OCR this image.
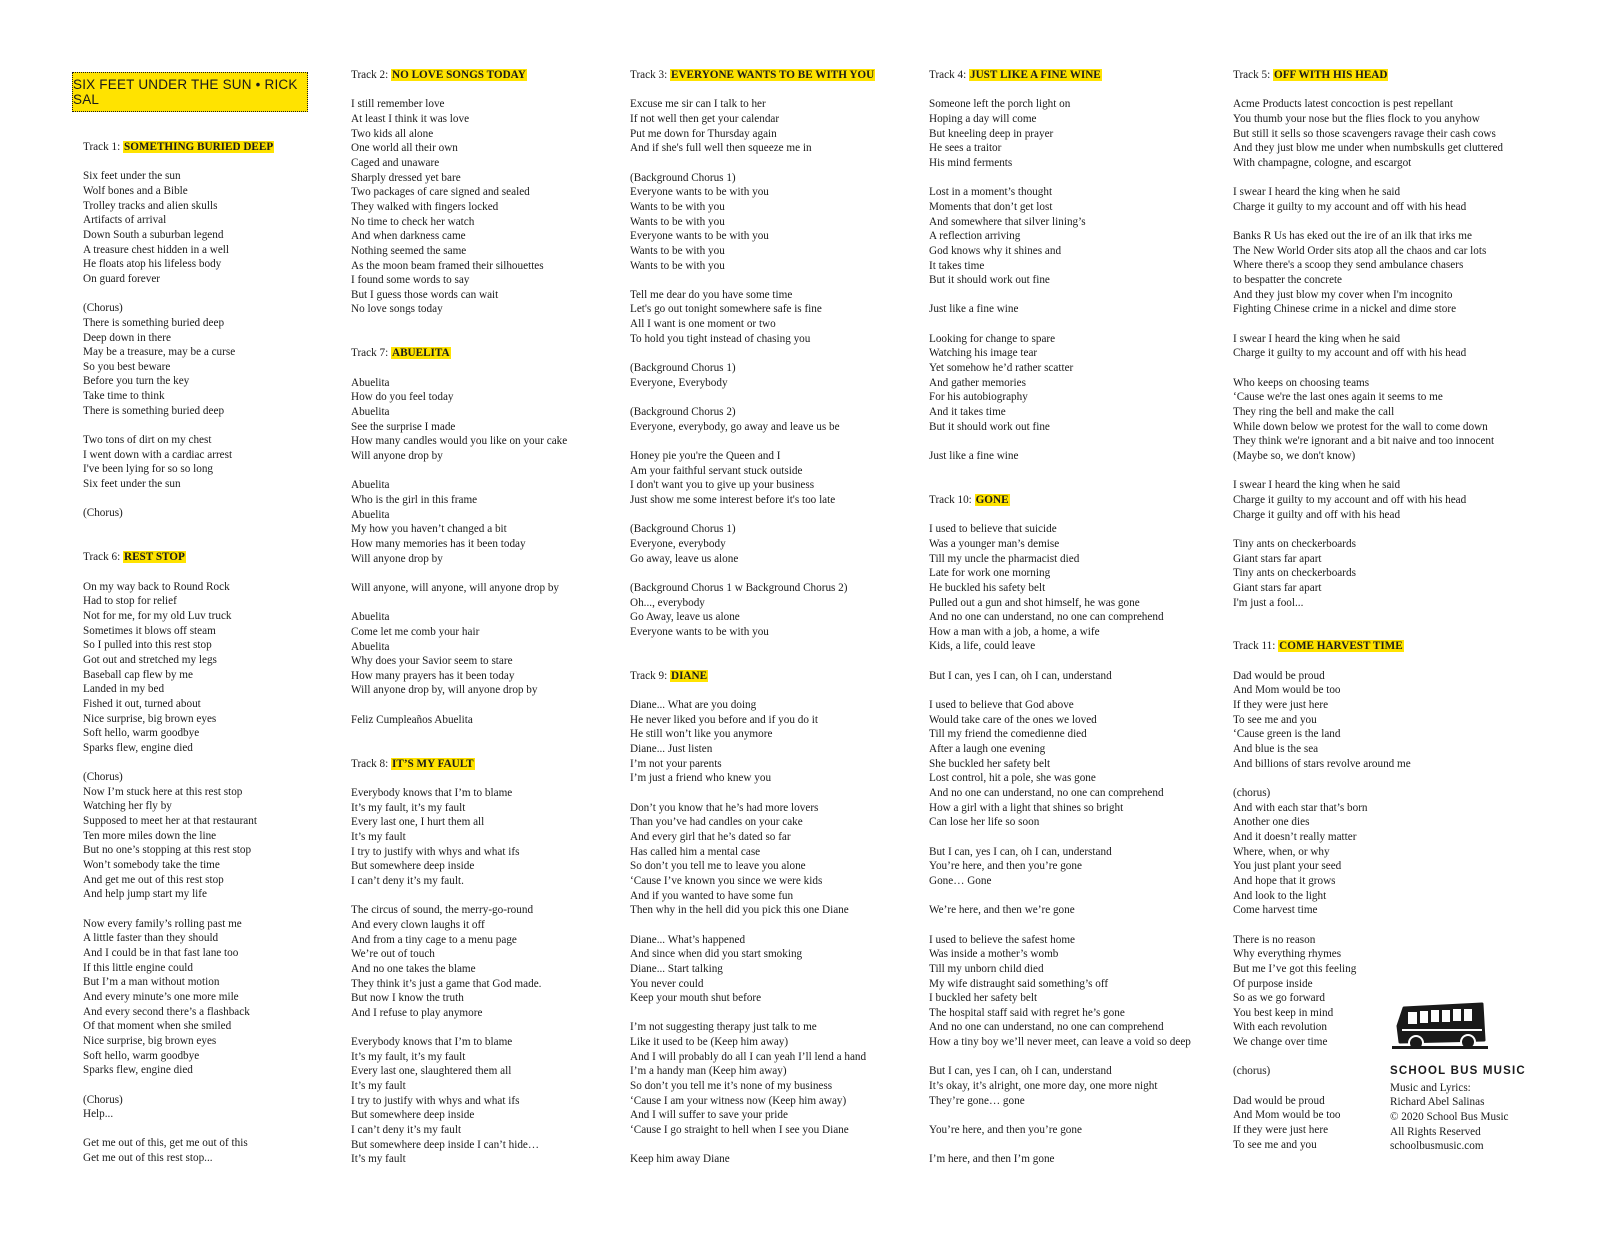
SIX FEET UNDER THE SUN • RICK SAL
Track 1: SOMETHING BURIED DEEP
Six feet under the sun
Wolf bones and a Bible
Trolley tracks and alien skulls
Artifacts of arrival
Down South a suburban legend
A treasure chest hidden in a well
He floats atop his lifeless body
On guard forever
(Chorus)
There is something buried deep
Deep down in there
May be a treasure, may be a curse
So you best beware
Before you turn the key
Take time to think
There is something buried deep
Two tons of dirt on my chest
I went down with a cardiac arrest
I've been lying for so so long
Six feet under the sun
(Chorus)
Track 6: REST STOP
On my way back to Round Rock
Had to stop for relief
Not for me, for my old Luv truck
Sometimes it blows off steam
So I pulled into this rest stop
Got out and stretched my legs
Baseball cap flew by me
Landed in my bed
Fished it out, turned about
Nice surprise, big brown eyes
Soft hello, warm goodbye
Sparks flew, engine died
(Chorus)
Now I’m stuck here at this rest stop
Watching her fly by
Supposed to meet her at that restaurant
Ten more miles down the line
But no one’s stopping at this rest stop
Won’t somebody take the time
And get me out of this rest stop
And help jump start my life
Now every family’s rolling past me
A little faster than they should
And I could be in that fast lane too
If this little engine could
But I’m a man without motion
And every minute’s one more mile
And every second there’s a flashback
Of that moment when she smiled
Nice surprise, big brown eyes
Soft hello, warm goodbye
Sparks flew, engine died
(Chorus)
Help...
Get me out of this, get me out of this
Get me out of this rest stop...
Track 2: NO LOVE SONGS TODAY
I still remember love
At least I think it was love
Two kids all alone
One world all their own
Caged and unaware
Sharply dressed yet bare
Two packages of care signed and sealed
They walked with fingers locked
No time to check her watch
And when darkness came
Nothing seemed the same
As the moon beam framed their silhouettes
I found some words to say
But I guess those words can wait
No love songs today
Track 7: ABUELITA
Abuelita
How do you feel today
Abuelita
See the surprise I made
How many candles would you like on your cake
Will anyone drop by
Abuelita
Who is the girl in this frame
Abuelita
My how you haven’t changed a bit
How many memories has it been today
Will anyone drop by
Will anyone, will anyone, will anyone drop by
Abuelita
Come let me comb your hair
Abuelita
Why does your Savior seem to stare
How many prayers has it been today
Will anyone drop by, will anyone drop by
Feliz Cumpleaños Abuelita
Track 8: IT’S MY FAULT
Everybody knows that I’m to blame
It’s my fault, it’s my fault
Every last one, I hurt them all
It’s my fault
I try to justify with whys and what ifs
But somewhere deep inside
I can’t deny it’s my fault.
The circus of sound, the merry-go-round
And every clown laughs it off
And from a tiny cage to a menu page
We’re out of touch
And no one takes the blame
They think it’s just a game that God made.
But now I know the truth
And I refuse to play anymore
Everybody knows that I’m to blame
It’s my fault, it’s my fault
Every last one, slaughtered them all
It’s my fault
I try to justify with whys and what ifs
But somewhere deep inside
I can’t deny it’s my fault
But somewhere deep inside I can’t hide…
It’s my fault
Track 3: EVERYONE WANTS TO BE WITH YOU
Excuse me sir can I talk to her
If not well then get your calendar
Put me down for Thursday again
And if she's full well then squeeze me in
(Background Chorus 1)
Everyone wants to be with you
Wants to be with you
Wants to be with you
Everyone wants to be with you
Wants to be with you
Wants to be with you
Tell me dear do you have some time
Let's go out tonight somewhere safe is fine
All I want is one moment or two
To hold you tight instead of chasing you
(Background Chorus 1)
Everyone, Everybody
(Background Chorus 2)
Everyone, everybody, go away and leave us be
Honey pie you're the Queen and I
Am your faithful servant stuck outside
I don't want you to give up your business
Just show me some interest before it's too late
(Background Chorus 1)
Everyone, everybody
Go away, leave us alone
(Background Chorus 1 w Background Chorus 2)
Oh..., everybody
Go Away, leave us alone
Everyone wants to be with you
Track 9: DIANE
Diane... What are you doing
He never liked you before and if you do it
He still won’t like you anymore
Diane... Just listen
I’m not your parents
I’m just a friend who knew you
Don’t you know that he’s had more lovers
Than you’ve had candles on your cake
And every girl that he’s dated so far
Has called him a mental case
So don’t you tell me to leave you alone
‘Cause I’ve known you since we were kids
And if you wanted to have some fun
Then why in the hell did you pick this one Diane
Diane... What’s happened
And since when did you start smoking
Diane... Start talking
You never could
Keep your mouth shut before
I’m not suggesting therapy just talk to me
Like it used to be (Keep him away)
And I will probably do all I can yeah I’ll lend a hand
I’m a handy man (Keep him away)
So don’t you tell me it’s none of my business
‘Cause I am your witness now (Keep him away)
And I will suffer to save your pride
‘Cause I go straight to hell when I see you Diane
Keep him away Diane
Track 4: JUST LIKE A FINE WINE
Someone left the porch light on
Hoping a day will come
But kneeling deep in prayer
He sees a traitor
His mind ferments
Lost in a moment’s thought
Moments that don’t get lost
And somewhere that silver lining’s
A reflection arriving
God knows why it shines and
It takes time
But it should work out fine
Just like a fine wine
Looking for change to spare
Watching his image tear
Yet somehow he’d rather scatter
And gather memories
For his autobiography
And it takes time
But it should work out fine
Just like a fine wine
Track 10: GONE
I used to believe that suicide
Was a younger man’s demise
Till my uncle the pharmacist died
Late for work one morning
He buckled his safety belt
Pulled out a gun and shot himself, he was gone
And no one can understand, no one can comprehend
How a man with a job, a home, a wife
Kids, a life, could leave
But I can, yes I can, oh I can, understand
I used to believe that God above
Would take care of the ones we loved
Till my friend the comedienne died
After a laugh one evening
She buckled her safety belt
Lost control, hit a pole, she was gone
And no one can understand, no one can comprehend
How a girl with a light that shines so bright
Can lose her life so soon
But I can, yes I can, oh I can, understand
You’re here, and then you’re gone
Gone… Gone
We’re here, and then we’re gone
I used to believe the safest home
Was inside a mother’s womb
Till my unborn child died
My wife distraught said something’s off
I buckled her safety belt
The hospital staff said with regret he’s gone
And no one can understand, no one can comprehend
How a tiny boy we’ll never meet, can leave a void so deep
But I can, yes I can, oh I can, understand
It’s okay, it’s alright, one more day, one more night
They’re gone… gone
You’re here, and then you’re gone
I’m here, and then I’m gone
Track 5: OFF WITH HIS HEAD
Acme Products latest concoction is pest repellant
You thumb your nose but the flies flock to you anyhow
But still it sells so those scavengers ravage their cash cows
And they just blow me under when numbskulls get cluttered
With champagne, cologne, and escargot
I swear I heard the king when he said
Charge it guilty to my account and off with his head
Banks R Us has eked out the ire of an ilk that irks me
The New World Order sits atop all the chaos and car lots
Where there's a scoop they send ambulance chasers
to bespatter the concrete
And they just blow my cover when I'm incognito
Fighting Chinese crime in a nickel and dime store
I swear I heard the king when he said
Charge it guilty to my account and off with his head
Who keeps on choosing teams
‘Cause we're the last ones again it seems to me
They ring the bell and make the call
While down below we protest for the wall to come down
They think we're ignorant and a bit naive and too innocent
(Maybe so, we don't know)
I swear I heard the king when he said
Charge it guilty to my account and off with his head
Charge it guilty and off with his head
Tiny ants on checkerboards
Giant stars far apart
Tiny ants on checkerboards
Giant stars far apart
I'm just a fool...
Track 11: COME HARVEST TIME
Dad would be proud
And Mom would be too
If they were just here
To see me and you
‘Cause green is the land
And blue is the sea
And billions of stars revolve around me
(chorus)
And with each star that’s born
Another one dies
And it doesn’t really matter
Where, when, or why
You just plant your seed
And hope that it grows
And look to the light
Come harvest time
There is no reason
Why everything rhymes
But me I’ve got this feeling
Of purpose inside
So as we go forward
You best keep in mind
With each revolution
We change over time
(chorus)
Dad would be proud
And Mom would be too
If they were just here
To see me and you
SCHOOL BUS MUSIC
Music and Lyrics:
Richard Abel Salinas
© 2020 School Bus Music
All Rights Reserved
schoolbusmusic.com
